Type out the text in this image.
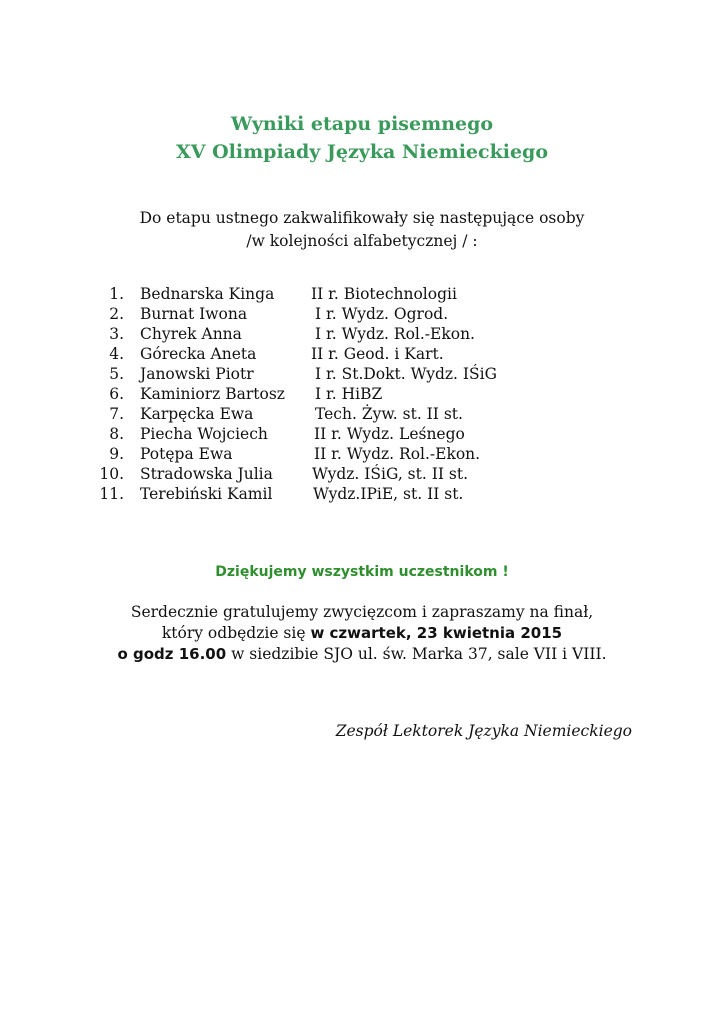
Wyniki etapu pisemnego
XV Olimpiady Języka Niemieckiego
Do etapu ustnego zakwalifikowały się następujące osoby
/w kolejności alfabetycznej / :
1. Bednarska Kinga II r. Biotechnologii
2. Burnat Iwona	I r. Wydz. Ogrod.
3. Chyrek Anna	I r. Wydz. Rol.-Ekon.
4. Górecka Aneta	II r. Geod. i Kart.
5. Janowski Piotr	I r. St.Dokt. Wydz. IŚiG
6. Kaminiorz Bartosz I r. HiBZ
7. Karpęcka Ewa	Tech. Żyw. st. II st.
8. Piecha Wojciech	II r. Wydz. Leśnego
9. Potępa Ewa	II r. Wydz. Rol.-Ekon.
10. Stradowska Julia	Wydz. IŚiG, st. II st.
11. Terebiński Kamil	Wydz.IPiE, st. II st.
Dziękujemy wszystkim uczestnikom !
Serdecznie gratulujemy zwycięzcom i zapraszamy na finał,
który odbędzie się w czwartek, 23 kwietnia 2015
o godz 16.00 w siedzibie SJO ul. św. Marka 37, sale VII i VIII.
Zespół Lektorek Języka Niemieckiego
